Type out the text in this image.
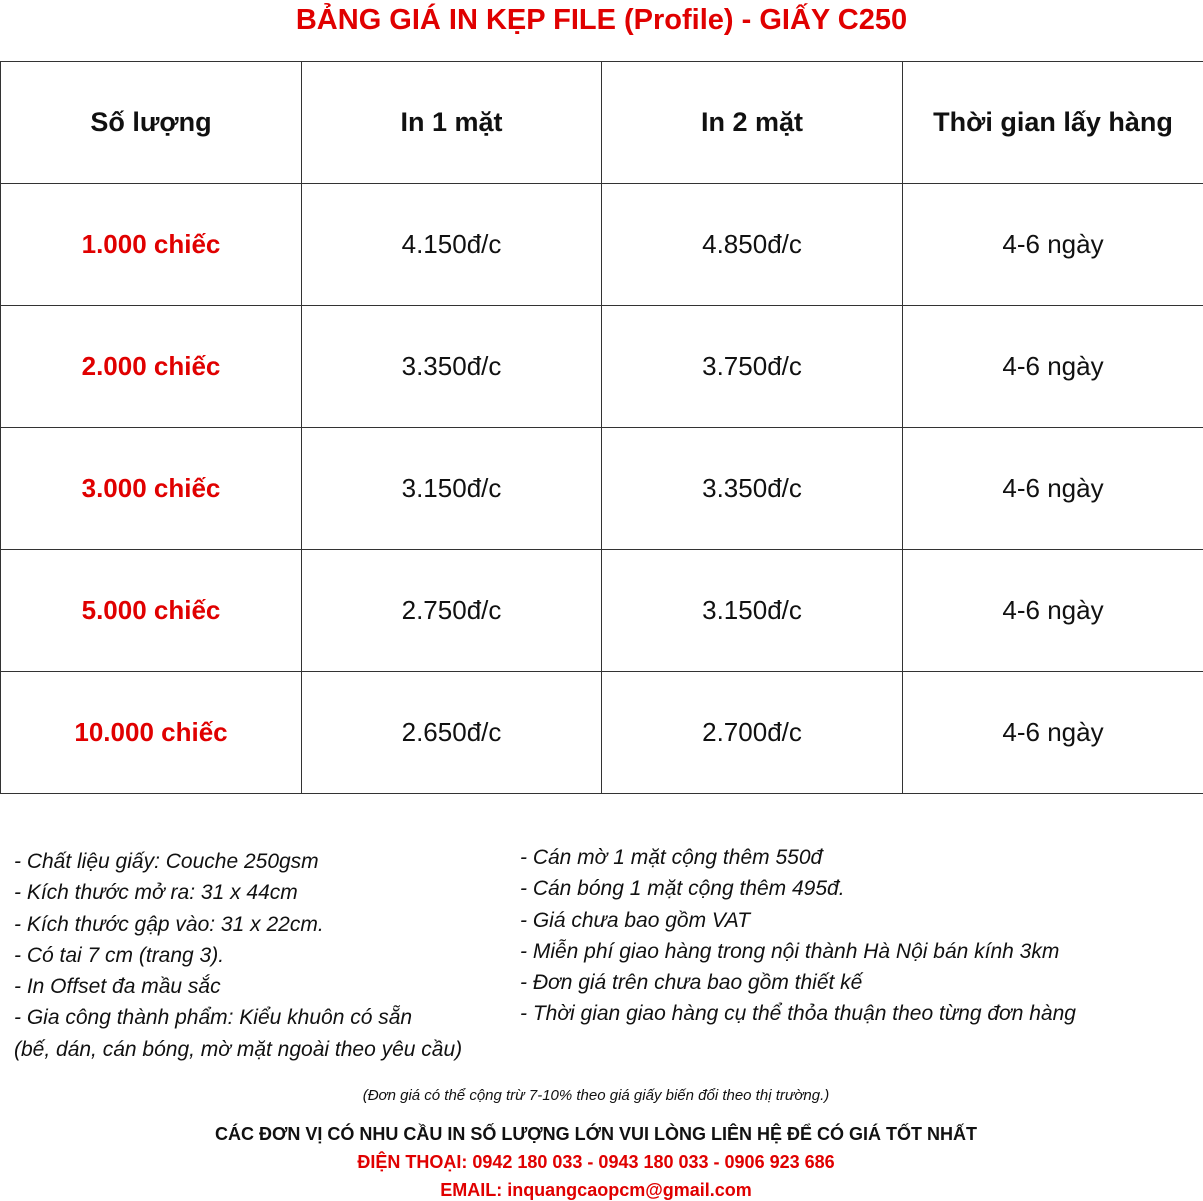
BẢNG GIÁ IN KẸP FILE (Profile) - GIẤY C250
Số lượng	In 1 mặt	In 2 mặt	Thời gian lấy hàng
1.000 chiếc	4.150đ/c	4.850đ/c	4-6 ngày
2.000 chiếc	3.350đ/c	3.750đ/c	4-6 ngày
3.000 chiếc	3.150đ/c	3.350đ/c	4-6 ngày
5.000 chiếc	2.750đ/c	3.150đ/c	4-6 ngày
10.000 chiếc	2.650đ/c	2.700đ/c	4-6 ngày
- Chất liệu giấy: Couche 250gsm
- Kích thước mở ra: 31 x 44cm
- Kích thước gập vào: 31 x 22cm.
- Có tai 7 cm (trang 3).
- In Offset đa mầu sắc
- Gia công thành phẩm: Kiểu khuôn có sẵn
(bế, dán, cán bóng, mờ mặt ngoài theo yêu cầu)
- Cán mờ 1 mặt cộng thêm 550đ
- Cán bóng 1 mặt cộng thêm 495đ.
- Giá chưa bao gồm VAT
- Miễn phí giao hàng trong nội thành Hà Nội bán kính 3km
- Đơn giá trên chưa bao gồm thiết kế
- Thời gian giao hàng cụ thể thỏa thuận theo từng đơn hàng
(Đơn giá có thể cộng trừ 7-10% theo giá giấy biến đổi theo thị trường.)
CÁC ĐƠN VỊ CÓ NHU CẦU IN SỐ LƯỢNG LỚN VUI LÒNG LIÊN HỆ ĐỂ CÓ GIÁ TỐT NHẤT
ĐIỆN THOẠI: 0942 180 033 - 0943 180 033 - 0906 923 686
EMAIL: inquangcaopcm@gmail.com
